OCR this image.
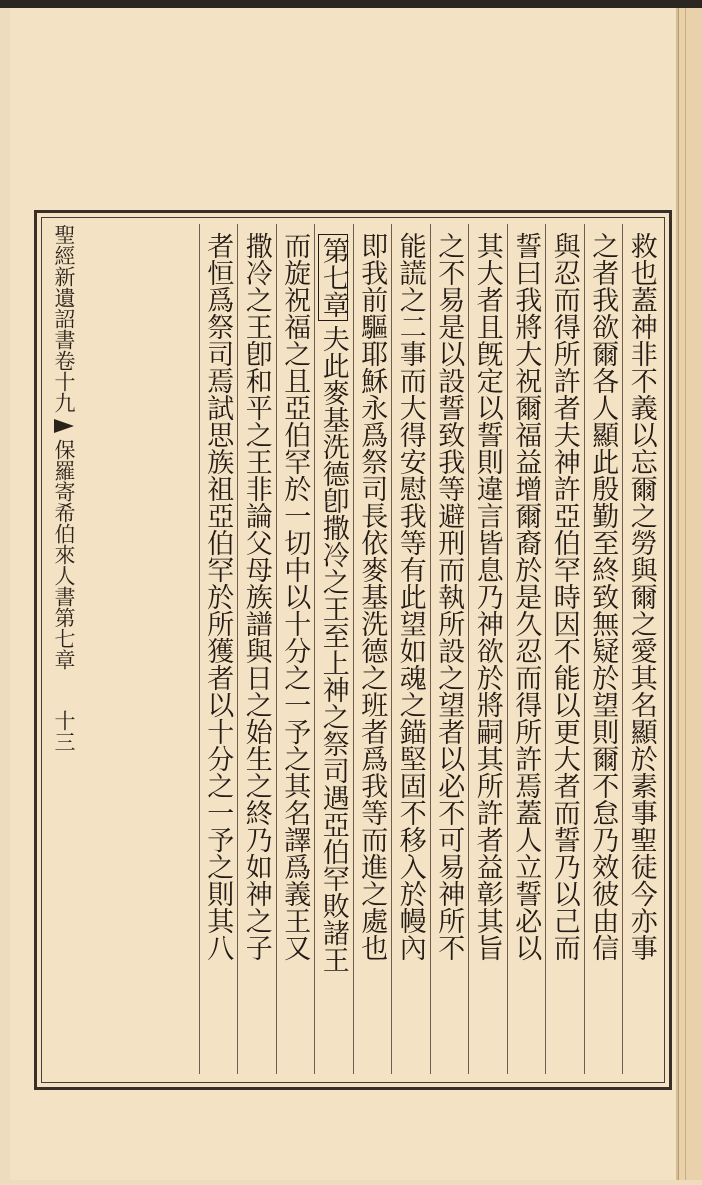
救也蓋神非不義以忘爾之勞與爾之愛其名顯於素事聖徒今亦事
之者我欲爾各人顯此殷勤至終致無疑於望則爾不怠乃效彼由信
與忍而得所許者夫神許亞伯罕時因不能以更大者而誓乃以己而
誓曰我將大祝爾福益增爾裔於是久忍而得所許焉蓋人立誓必以
其大者且旣定以誓則違言皆息乃神欲於將嗣其所許者益彰其旨
之不易是以設誓致我等避刑而執所設之望者以必不可易神所不
能謊之二事而大得安慰我等有此望如魂之錨堅固不移入於幔內
即我前驅耶穌永爲祭司長依麥基洗德之班者爲我等而進之處也
第七章
夫此麥基洗德卽撒冷之王至上神之祭司遇亞伯罕敗諸王
而旋祝福之且亞伯罕於一切中以十分之一予之其名譯爲義王又
撒冷之王卽和平之王非論父母族譜與日之始生之終乃如神之子
者恒爲祭司焉試思族祖亞伯罕於所獲者以十分之一予之則其八
聖經新遺詔書卷十九
保羅寄希伯來人書第七章
十三
